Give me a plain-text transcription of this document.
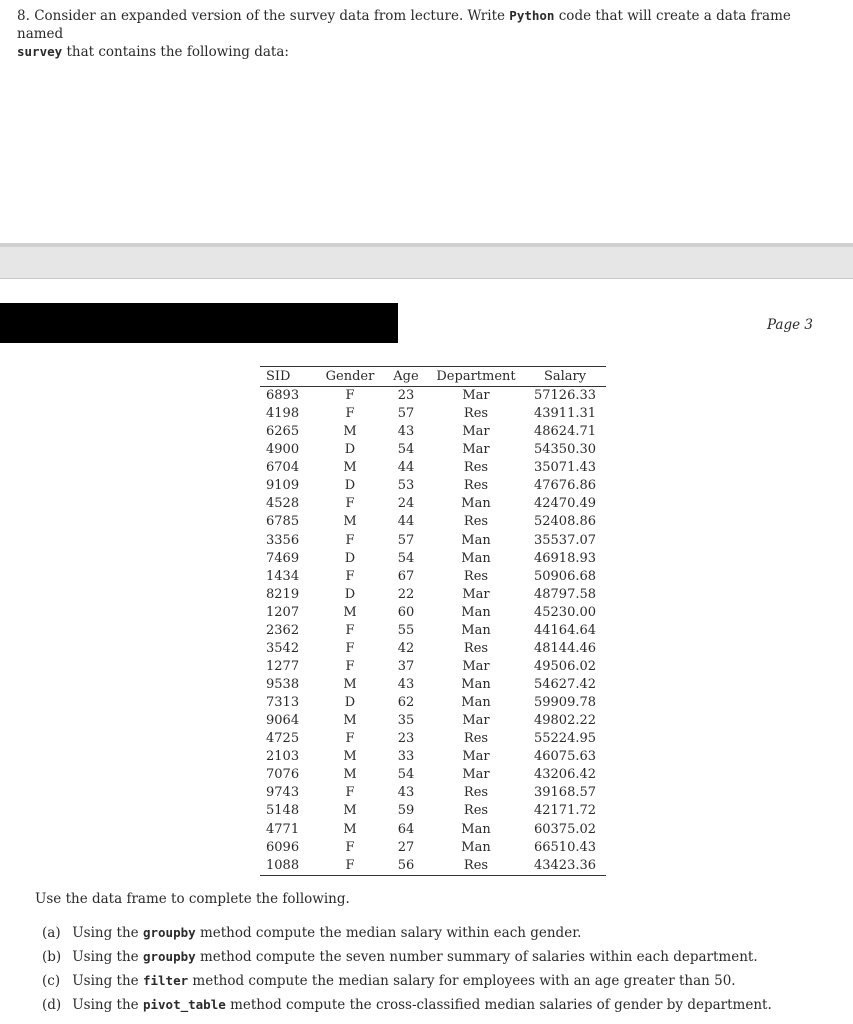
8. Consider an expanded version of the survey data from lecture. Write Python code that will create a data frame named
survey that contains the following data:
Page 3
SID	Gender	Age	Department	Salary
6893	F	23	Mar	57126.33
4198	F	57	Res	43911.31
6265	M	43	Mar	48624.71
4900	D	54	Mar	54350.30
6704	M	44	Res	35071.43
9109	D	53	Res	47676.86
4528	F	24	Man	42470.49
6785	M	44	Res	52408.86
3356	F	57	Man	35537.07
7469	D	54	Man	46918.93
1434	F	67	Res	50906.68
8219	D	22	Mar	48797.58
1207	M	60	Man	45230.00
2362	F	55	Man	44164.64
3542	F	42	Res	48144.46
1277	F	37	Mar	49506.02
9538	M	43	Man	54627.42
7313	D	62	Man	59909.78
9064	M	35	Mar	49802.22
4725	F	23	Res	55224.95
2103	M	33	Mar	46075.63
7076	M	54	Mar	43206.42
9743	F	43	Res	39168.57
5148	M	59	Res	42171.72
4771	M	64	Man	60375.02
6096	F	27	Man	66510.43
1088	F	56	Res	43423.36
Use the data frame to complete the following.
(a) Using the groupby method compute the median salary within each gender.
(b) Using the groupby method compute the seven number summary of salaries within each department.
(c) Using the filter method compute the median salary for employees with an age greater than 50.
(d) Using the pivot_table method compute the cross-classified median salaries of gender by department.
